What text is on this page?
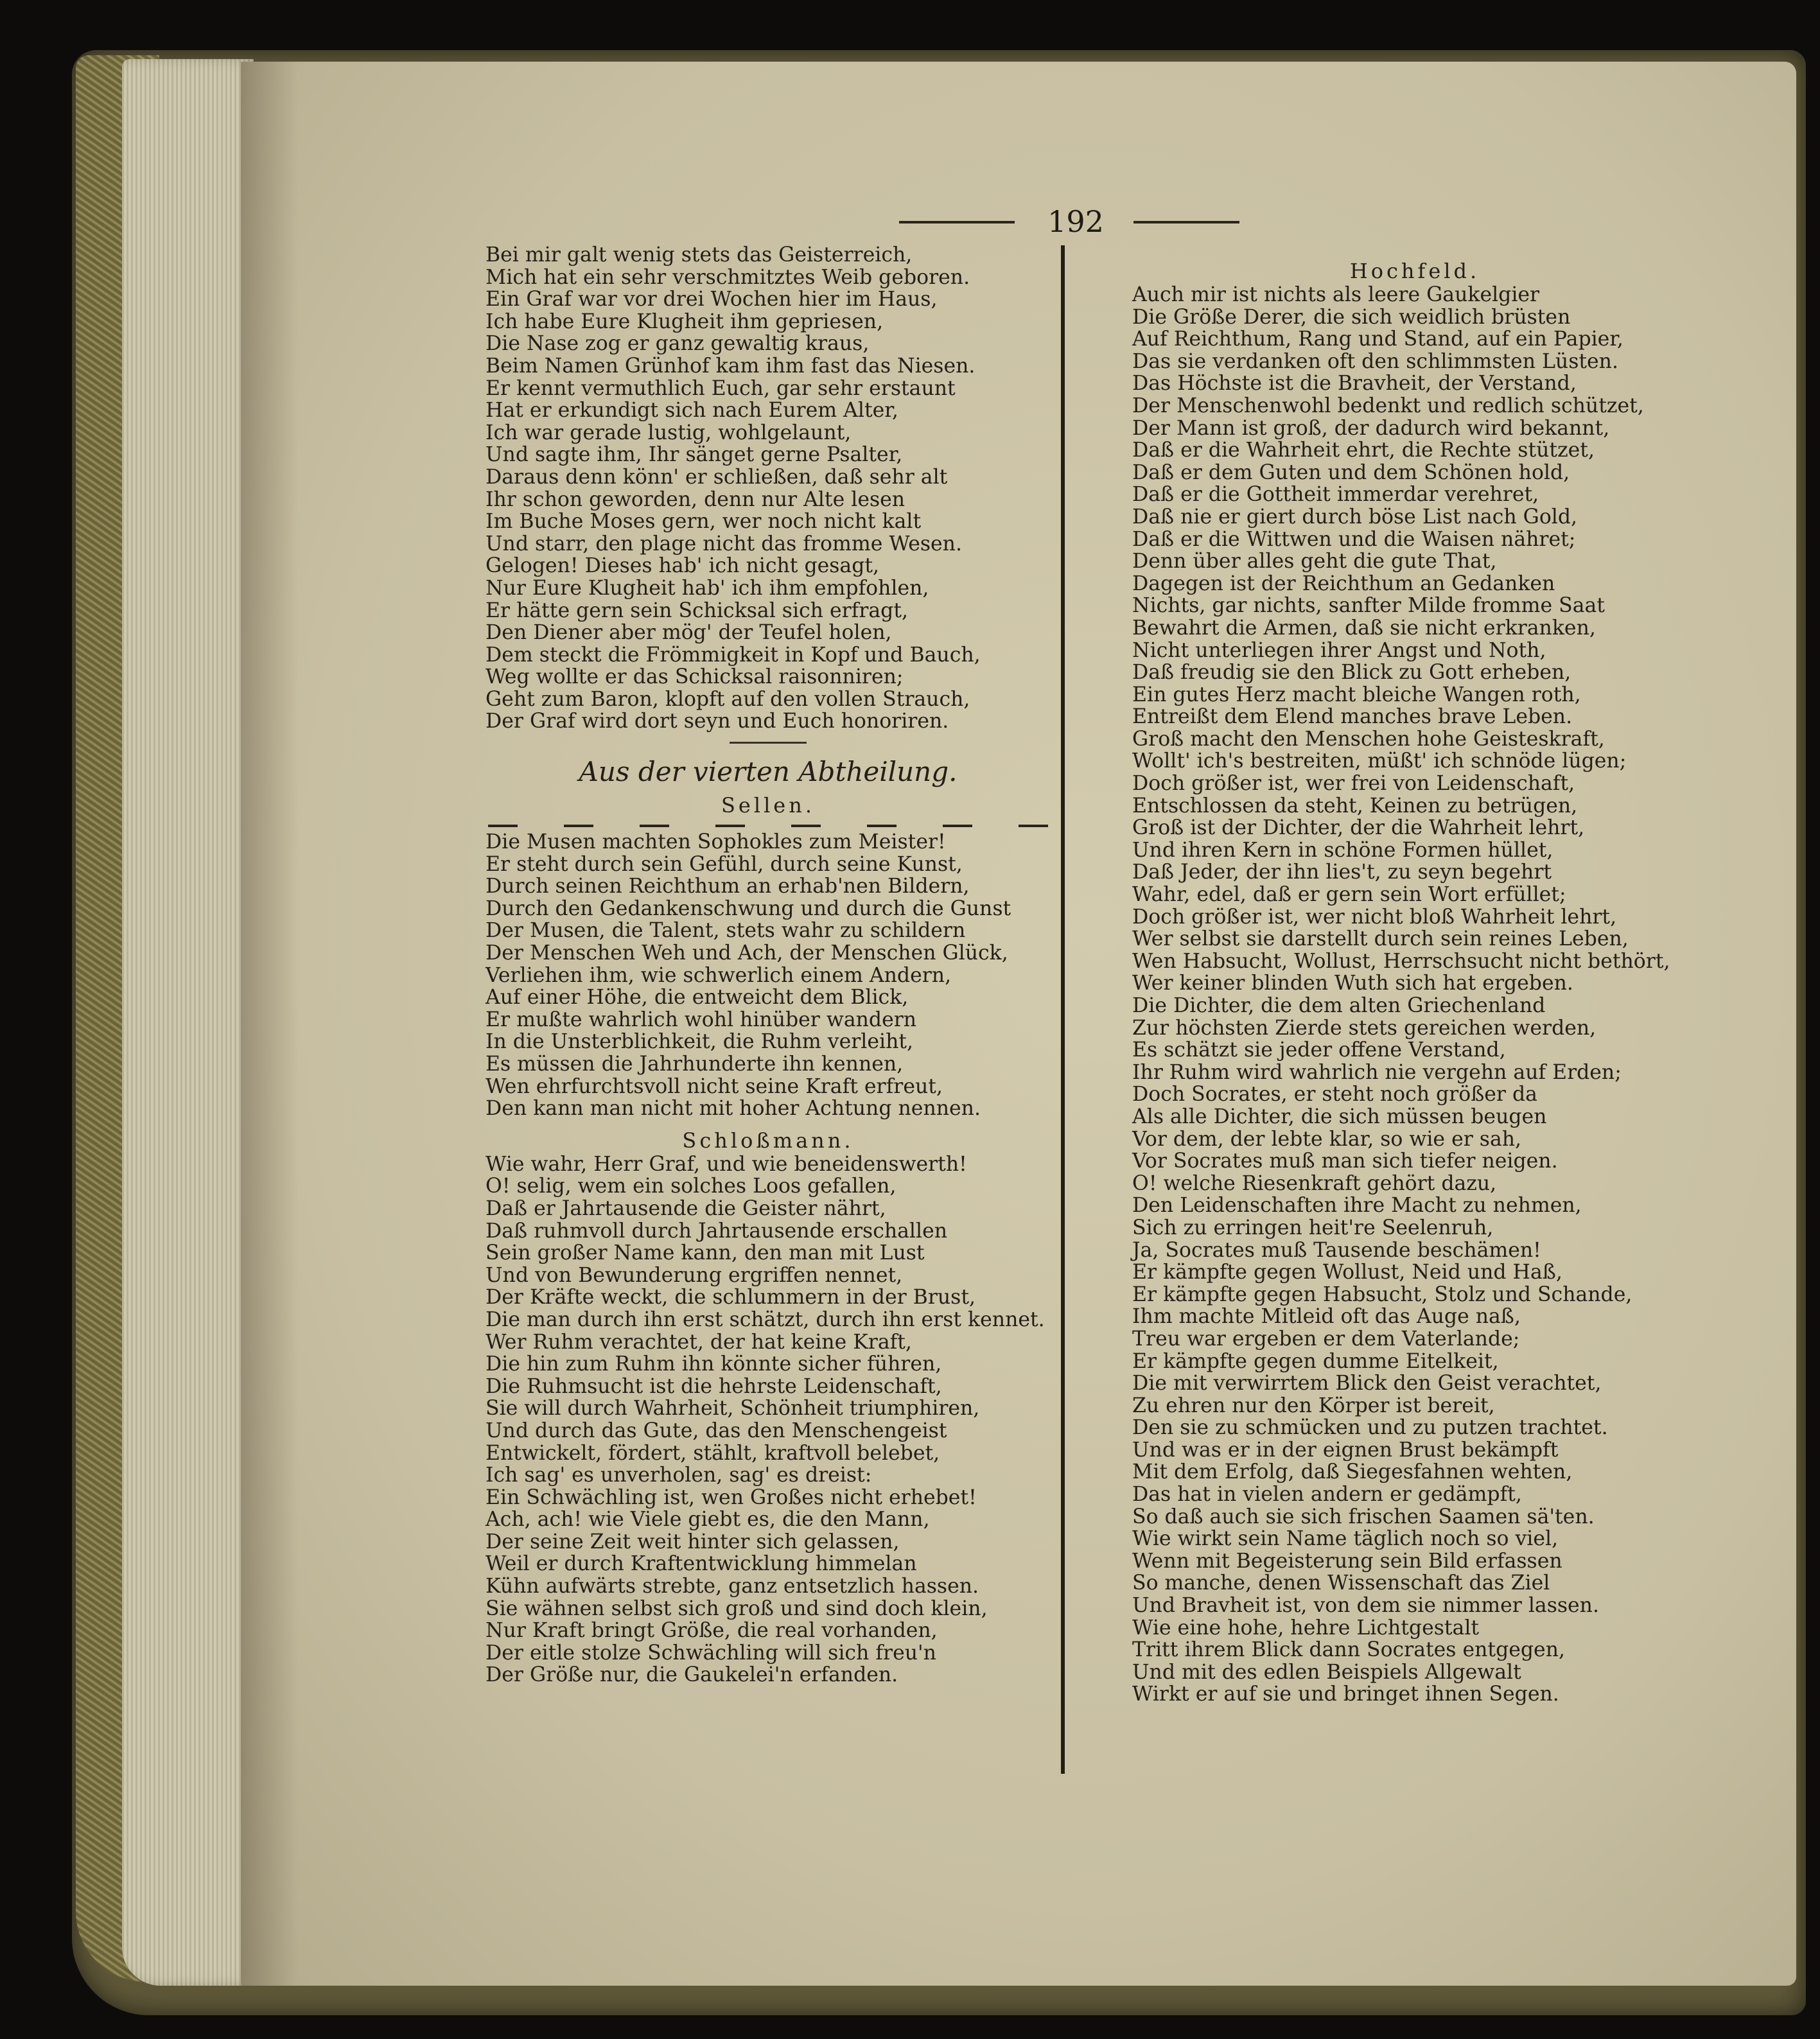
192
Bei mir galt wenig stets das Geisterreich,
Mich hat ein sehr verschmitztes Weib geboren.
Ein Graf war vor drei Wochen hier im Haus,
Ich habe Eure Klugheit ihm gepriesen,
Die Nase zog er ganz gewaltig kraus,
Beim Namen Grünhof kam ihm fast das Niesen.
Er kennt vermuthlich Euch, gar sehr erstaunt
Hat er erkundigt sich nach Eurem Alter,
Ich war gerade lustig, wohlgelaunt,
Und sagte ihm, Ihr sänget gerne Psalter,
Daraus denn könn' er schließen, daß sehr alt
Ihr schon geworden, denn nur Alte lesen
Im Buche Moses gern, wer noch nicht kalt
Und starr, den plage nicht das fromme Wesen.
Gelogen! Dieses hab' ich nicht gesagt,
Nur Eure Klugheit hab' ich ihm empfohlen,
Er hätte gern sein Schicksal sich erfragt,
Den Diener aber mög' der Teufel holen,
Dem steckt die Frömmigkeit in Kopf und Bauch,
Weg wollte er das Schicksal raisonniren;
Geht zum Baron, klopft auf den vollen Strauch,
Der Graf wird dort seyn und Euch honoriren.
Aus der vierten Abtheilung.
Sellen.
Die Musen machten Sophokles zum Meister!
Er steht durch sein Gefühl, durch seine Kunst,
Durch seinen Reichthum an erhab'nen Bildern,
Durch den Gedankenschwung und durch die Gunst
Der Musen, die Talent, stets wahr zu schildern
Der Menschen Weh und Ach, der Menschen Glück,
Verliehen ihm, wie schwerlich einem Andern,
Auf einer Höhe, die entweicht dem Blick,
Er mußte wahrlich wohl hinüber wandern
In die Unsterblichkeit, die Ruhm verleiht,
Es müssen die Jahrhunderte ihn kennen,
Wen ehrfurchtsvoll nicht seine Kraft erfreut,
Den kann man nicht mit hoher Achtung nennen.
Schloßmann.
Wie wahr, Herr Graf, und wie beneidenswerth!
O! selig, wem ein solches Loos gefallen,
Daß er Jahrtausende die Geister nährt,
Daß ruhmvoll durch Jahrtausende erschallen
Sein großer Name kann, den man mit Lust
Und von Bewunderung ergriffen nennet,
Der Kräfte weckt, die schlummern in der Brust,
Die man durch ihn erst schätzt, durch ihn erst kennet.
Wer Ruhm verachtet, der hat keine Kraft,
Die hin zum Ruhm ihn könnte sicher führen,
Die Ruhmsucht ist die hehrste Leidenschaft,
Sie will durch Wahrheit, Schönheit triumphiren,
Und durch das Gute, das den Menschengeist
Entwickelt, fördert, stählt, kraftvoll belebet,
Ich sag' es unverholen, sag' es dreist:
Ein Schwächling ist, wen Großes nicht erhebet!
Ach, ach! wie Viele giebt es, die den Mann,
Der seine Zeit weit hinter sich gelassen,
Weil er durch Kraftentwicklung himmelan
Kühn aufwärts strebte, ganz entsetzlich hassen.
Sie wähnen selbst sich groß und sind doch klein,
Nur Kraft bringt Größe, die real vorhanden,
Der eitle stolze Schwächling will sich freu'n
Der Größe nur, die Gaukelei'n erfanden.
Hochfeld.
Auch mir ist nichts als leere Gaukelgier
Die Größe Derer, die sich weidlich brüsten
Auf Reichthum, Rang und Stand, auf ein Papier,
Das sie verdanken oft den schlimmsten Lüsten.
Das Höchste ist die Bravheit, der Verstand,
Der Menschenwohl bedenkt und redlich schützet,
Der Mann ist groß, der dadurch wird bekannt,
Daß er die Wahrheit ehrt, die Rechte stützet,
Daß er dem Guten und dem Schönen hold,
Daß er die Gottheit immerdar verehret,
Daß nie er giert durch böse List nach Gold,
Daß er die Wittwen und die Waisen nähret;
Denn über alles geht die gute That,
Dagegen ist der Reichthum an Gedanken
Nichts, gar nichts, sanfter Milde fromme Saat
Bewahrt die Armen, daß sie nicht erkranken,
Nicht unterliegen ihrer Angst und Noth,
Daß freudig sie den Blick zu Gott erheben,
Ein gutes Herz macht bleiche Wangen roth,
Entreißt dem Elend manches brave Leben.
Groß macht den Menschen hohe Geisteskraft,
Wollt' ich's bestreiten, müßt' ich schnöde lügen;
Doch größer ist, wer frei von Leidenschaft,
Entschlossen da steht, Keinen zu betrügen,
Groß ist der Dichter, der die Wahrheit lehrt,
Und ihren Kern in schöne Formen hüllet,
Daß Jeder, der ihn lies't, zu seyn begehrt
Wahr, edel, daß er gern sein Wort erfüllet;
Doch größer ist, wer nicht bloß Wahrheit lehrt,
Wer selbst sie darstellt durch sein reines Leben,
Wen Habsucht, Wollust, Herrschsucht nicht bethört,
Wer keiner blinden Wuth sich hat ergeben.
Die Dichter, die dem alten Griechenland
Zur höchsten Zierde stets gereichen werden,
Es schätzt sie jeder offene Verstand,
Ihr Ruhm wird wahrlich nie vergehn auf Erden;
Doch Socrates, er steht noch größer da
Als alle Dichter, die sich müssen beugen
Vor dem, der lebte klar, so wie er sah,
Vor Socrates muß man sich tiefer neigen.
O! welche Riesenkraft gehört dazu,
Den Leidenschaften ihre Macht zu nehmen,
Sich zu erringen heit're Seelenruh,
Ja, Socrates muß Tausende beschämen!
Er kämpfte gegen Wollust, Neid und Haß,
Er kämpfte gegen Habsucht, Stolz und Schande,
Ihm machte Mitleid oft das Auge naß,
Treu war ergeben er dem Vaterlande;
Er kämpfte gegen dumme Eitelkeit,
Die mit verwirrtem Blick den Geist verachtet,
Zu ehren nur den Körper ist bereit,
Den sie zu schmücken und zu putzen trachtet.
Und was er in der eignen Brust bekämpft
Mit dem Erfolg, daß Siegesfahnen wehten,
Das hat in vielen andern er gedämpft,
So daß auch sie sich frischen Saamen sä'ten.
Wie wirkt sein Name täglich noch so viel,
Wenn mit Begeisterung sein Bild erfassen
So manche, denen Wissenschaft das Ziel
Und Bravheit ist, von dem sie nimmer lassen.
Wie eine hohe, hehre Lichtgestalt
Tritt ihrem Blick dann Socrates entgegen,
Und mit des edlen Beispiels Allgewalt
Wirkt er auf sie und bringet ihnen Segen.
